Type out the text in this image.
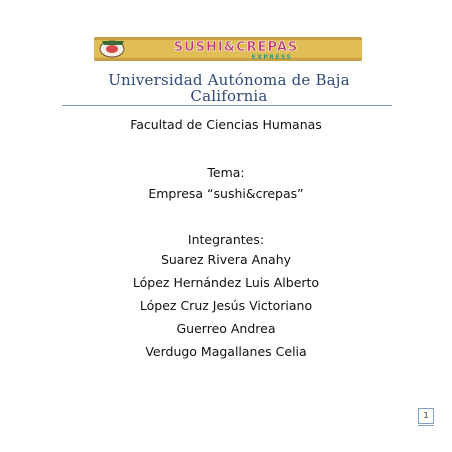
SUSHI&CREPAS
EXPRESS
Universidad Autónoma de Baja
California
Facultad de Ciencias Humanas
Tema:
Empresa “sushi&crepas”
Integrantes:
Suarez Rivera Anahy
López Hernández Luis Alberto
López Cruz Jesús Victoriano
Guerreo Andrea
Verdugo Magallanes Celia
1
